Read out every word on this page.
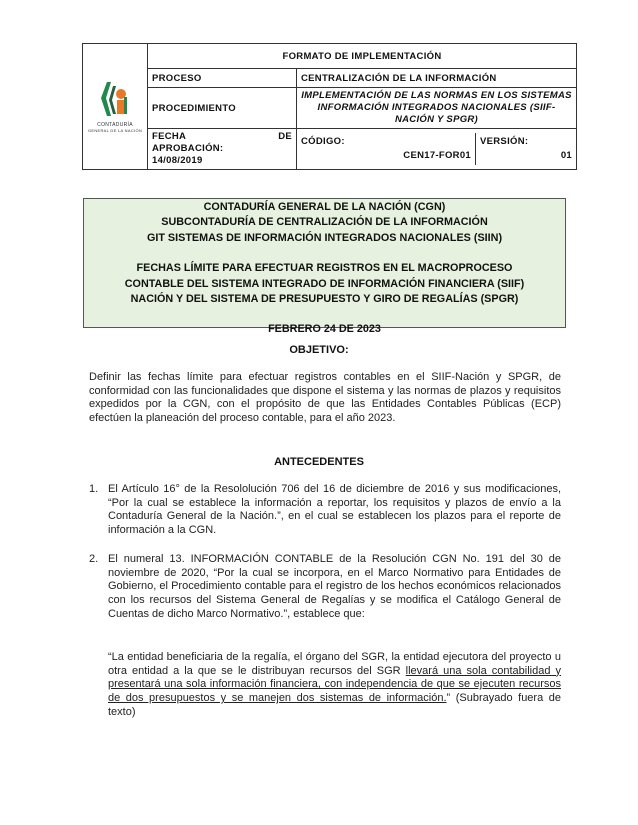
CONTADURÍA
GENERAL DE LA NACIÓN
	FORMATO DE IMPLEMENTACIÓN
PROCESO	CENTRALIZACIÓN DE LA INFORMACIÓN
PROCEDIMIENTO	IMPLEMENTACIÓN DE LAS NORMAS EN LOS SISTEMAS INFORMACIÓN INTEGRADOS NACIONALES (SIIF-NACIÓN Y SPGR)

FECHA	DE
APROBACIÓN:
14/08/2019

CÓDIGO:
CEN17-FOR01

VERSIÓN:
01
CONTADURÍA GENERAL DE LA NACIÓN (CGN)
SUBCONTADURÍA DE CENTRALIZACIÓN DE LA INFORMACIÓN
GIT SISTEMAS DE INFORMACIÓN INTEGRADOS NACIONALES (SIIN)
FECHAS LÍMITE PARA EFECTUAR REGISTROS EN EL MACROPROCESO
CONTABLE DEL SISTEMA INTEGRADO DE INFORMACIÓN FINANCIERA (SIIF)
NACIÓN Y DEL SISTEMA DE PRESUPUESTO Y GIRO DE REGALÍAS (SPGR)
FEBRERO 24 DE 2023
OBJETIVO:
Definir las fechas límite para efectuar registros contables en el SIIF-Nación y SPGR, de conformidad con las funcionalidades que dispone el sistema y las normas de plazos y requisitos expedidos por la CGN, con el propósito de que las Entidades Contables Públicas (ECP) efectúen la planeación del proceso contable, para el año 2023.
ANTECEDENTES
1. El Artículo 16° de la Resololución 706 del 16 de diciembre de 2016 y sus modificaciones, “Por la cual se establece la información a reportar, los requisitos y plazos de envío a la Contaduría General de la Nación.”, en el cual se establecen los plazos para el reporte de información a la CGN.
2. El numeral 13. INFORMACIÓN CONTABLE de la Resolución CGN No. 191 del 30 de noviembre de 2020, “Por la cual se incorpora, en el Marco Normativo para Entidades de Gobierno, el Procedimiento contable para el registro de los hechos económicos relacionados con los recursos del Sistema General de Regalías y se modifica el Catálogo General de Cuentas de dicho Marco Normativo.”, establece que:
“La entidad beneficiaria de la regalía, el órgano del SGR, la entidad ejecutora del proyecto u otra entidad a la que se le distribuyan recursos del SGR llevará una sola contabilidad y presentará una sola información financiera, con independencia de que se ejecuten recursos de dos presupuestos y se manejen dos sistemas de información.” (Subrayado fuera de texto)
